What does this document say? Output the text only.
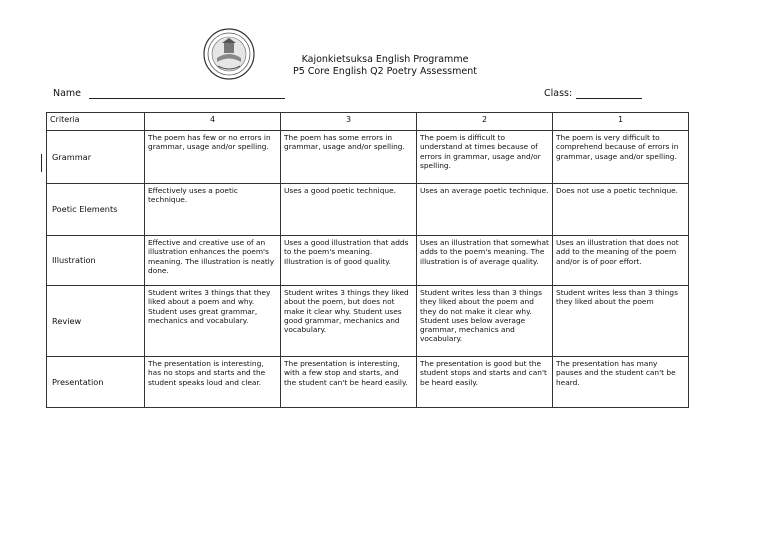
Kajonkietsuksa English Programme
P5 Core English Q2 Poetry Assessment
Name	Class:
Criteria	4	3	2	1
Grammar	The poem has few or no errors in grammar, usage and/or spelling.	The poem has some errors in grammar, usage and/or spelling.	The poem is difficult to understand at times because of errors in grammar, usage and/or spelling.	The poem is very difficult to comprehend because of errors in grammar, usage and/or spelling.
Poetic Elements	Effectively uses a poetic technique.	Uses a good poetic technique.	Uses an average poetic technique.	Does not use a poetic technique.
Illustration	Effective and creative use of an illustration enhances the poem's meaning. The illustration is neatly done.	Uses a good illustration that adds to the poem's meaning. Illustration is of good quality.	Uses an illustration that somewhat adds to the poem's meaning. The illustration is of average quality.	Uses an illustration that does not add to the meaning of the poem and/or is of poor effort.
Review	Student writes 3 things that they liked about a poem and why. Student uses great grammar, mechanics and vocabulary.	Student writes 3 things they liked about the poem, but does not make it clear why. Student uses good grammar, mechanics and vocabulary.	Student writes less than 3 things they liked about the poem and they do not make it clear why. Student uses below average grammar, mechanics and vocabulary.	Student writes less than 3 things they liked about the poem
Presentation	The presentation is interesting, has no stops and starts and the student speaks loud and clear.	The presentation is interesting, with a few stop and starts, and the student can't be heard easily.	The presentation is good but the student stops and starts and can't be heard easily.	The presentation has many pauses and the student can't be heard.
